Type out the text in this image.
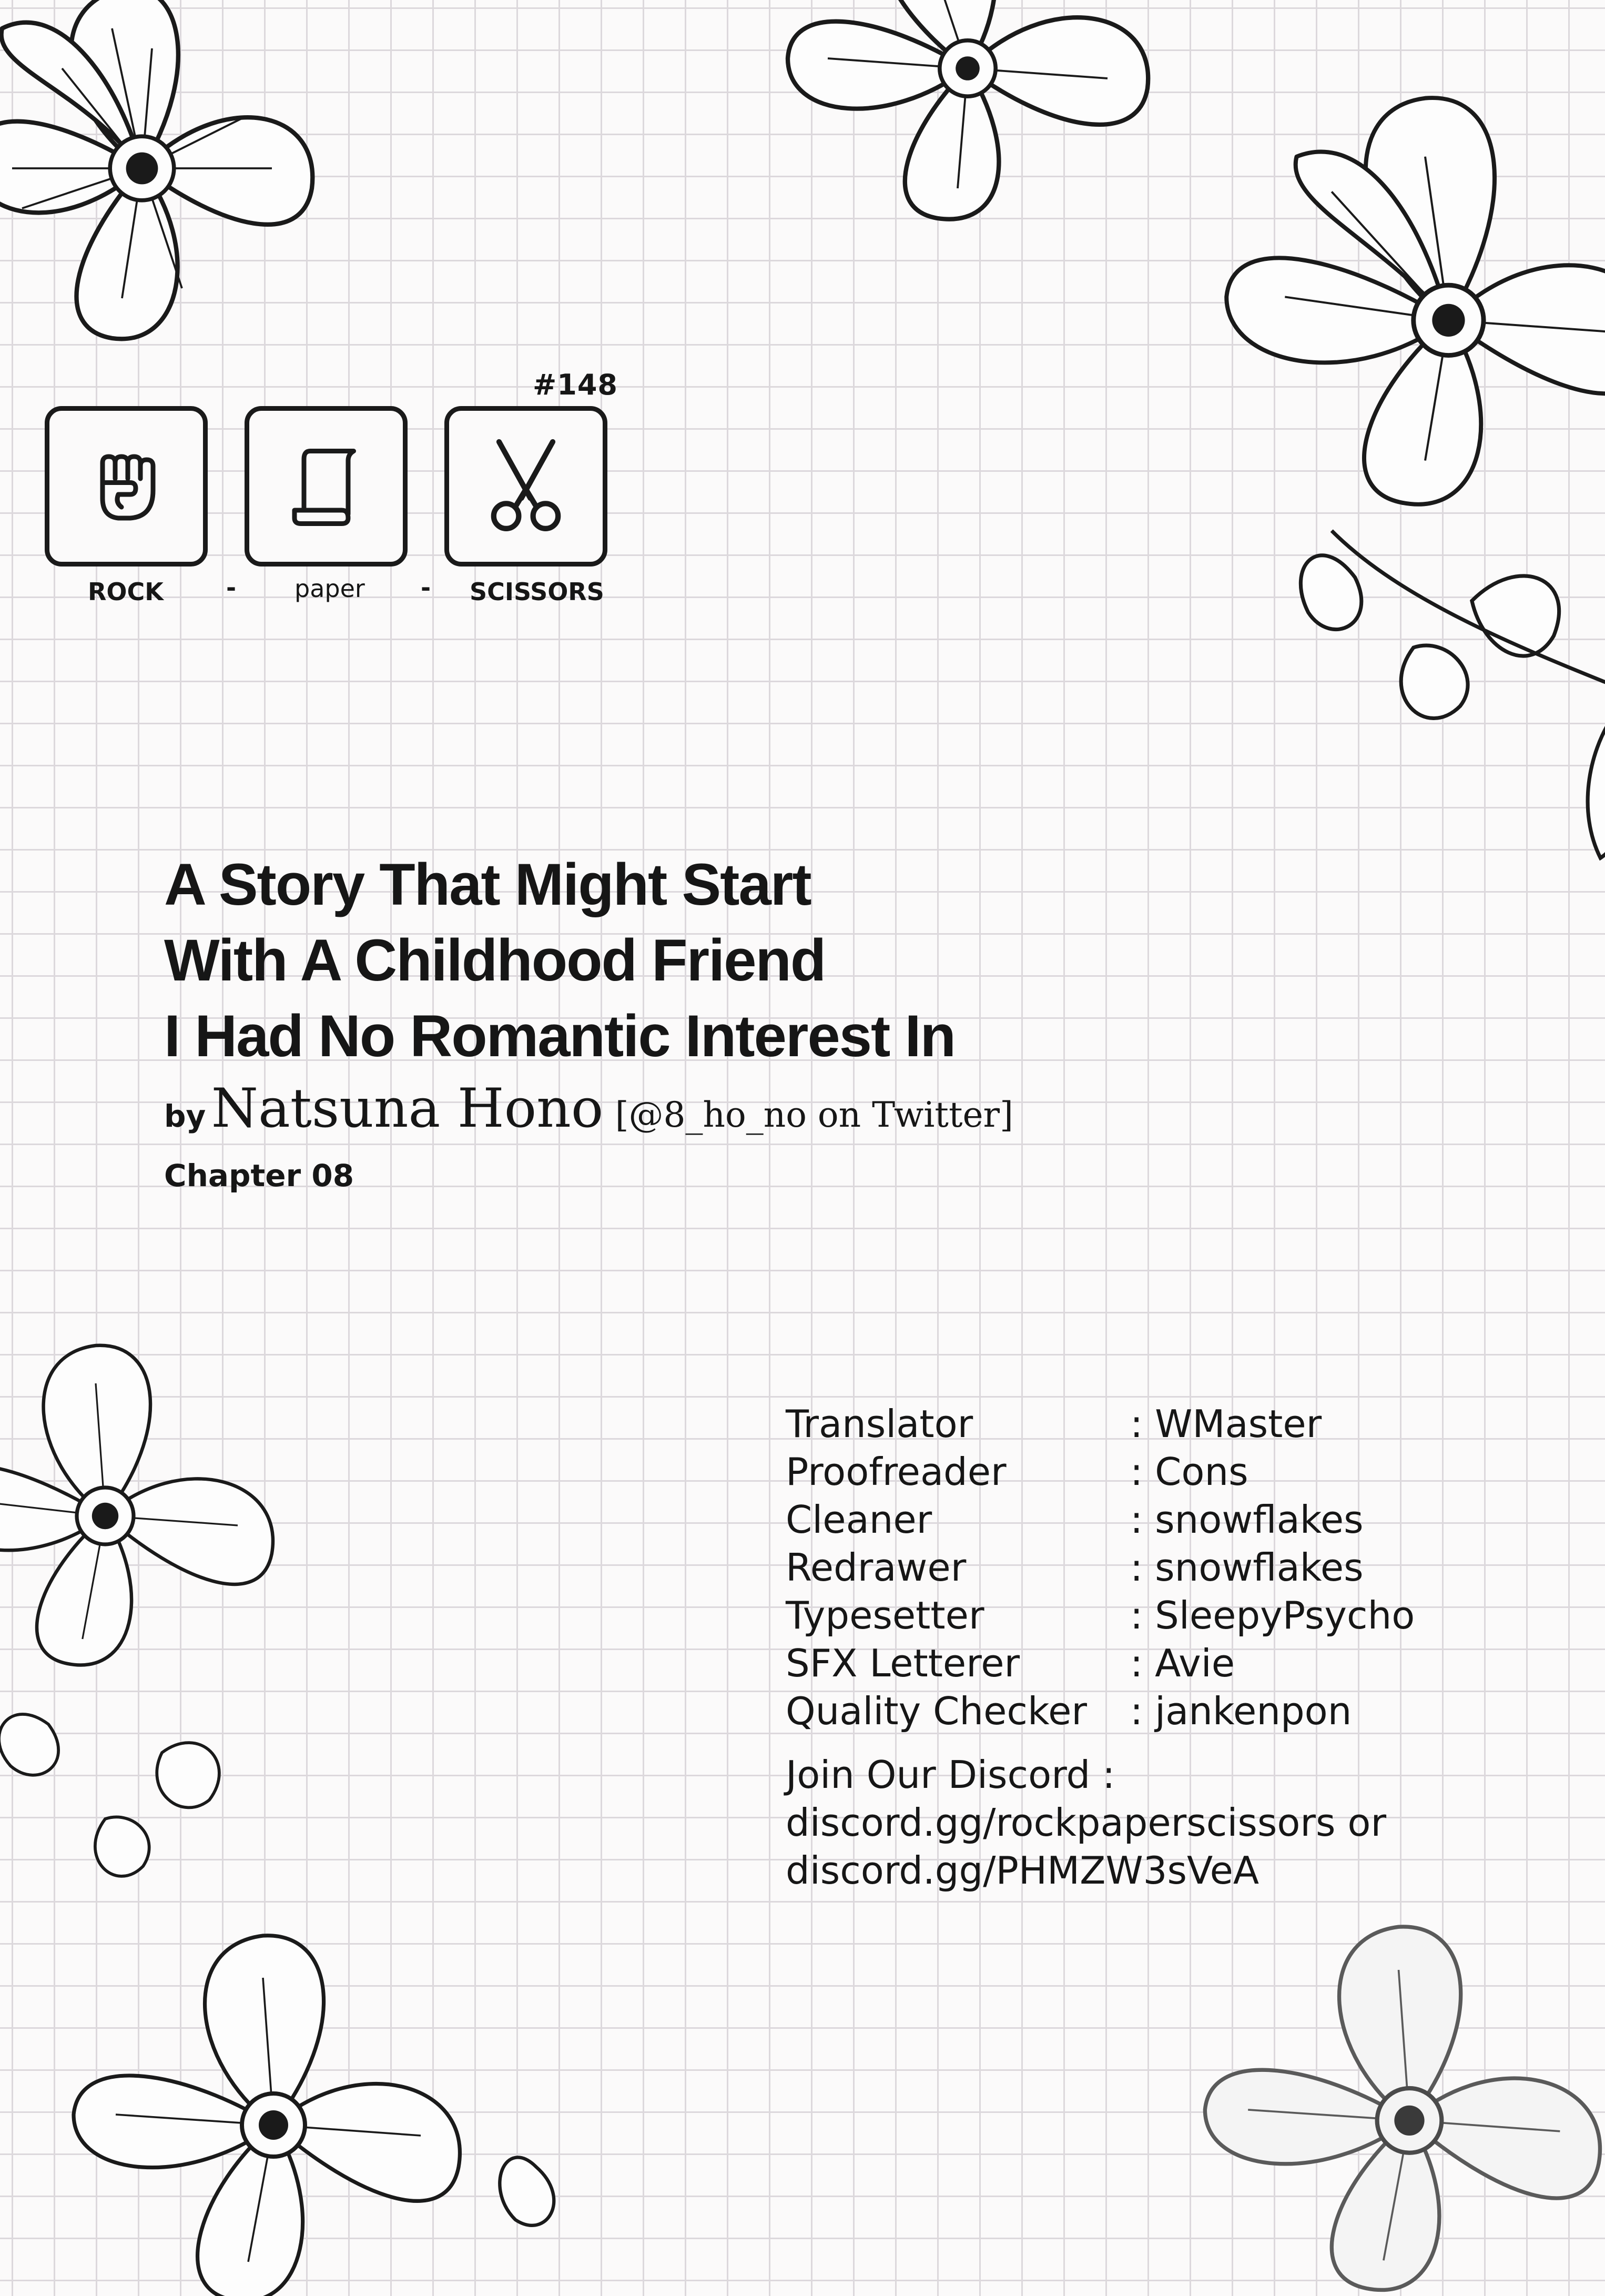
#148
ROCK	- paper - SCISSORS
A Story That Might Start
With A Childhood Friend
I Had No Romantic Interest In
by Natsuna Hono [@8_ho_no on Twitter]
Chapter 08
Translator	: WMaster
Proofreader	: Cons
Cleaner	: snowflakes
Redrawer	: snowflakes
Typesetter	: SleepyPsycho
SFX Letterer	: Avie
Quality Checker	: jankenpon
Join Our Discord :
discord.gg/rockpaperscissors or
discord.gg/PHMZW3sVeA
